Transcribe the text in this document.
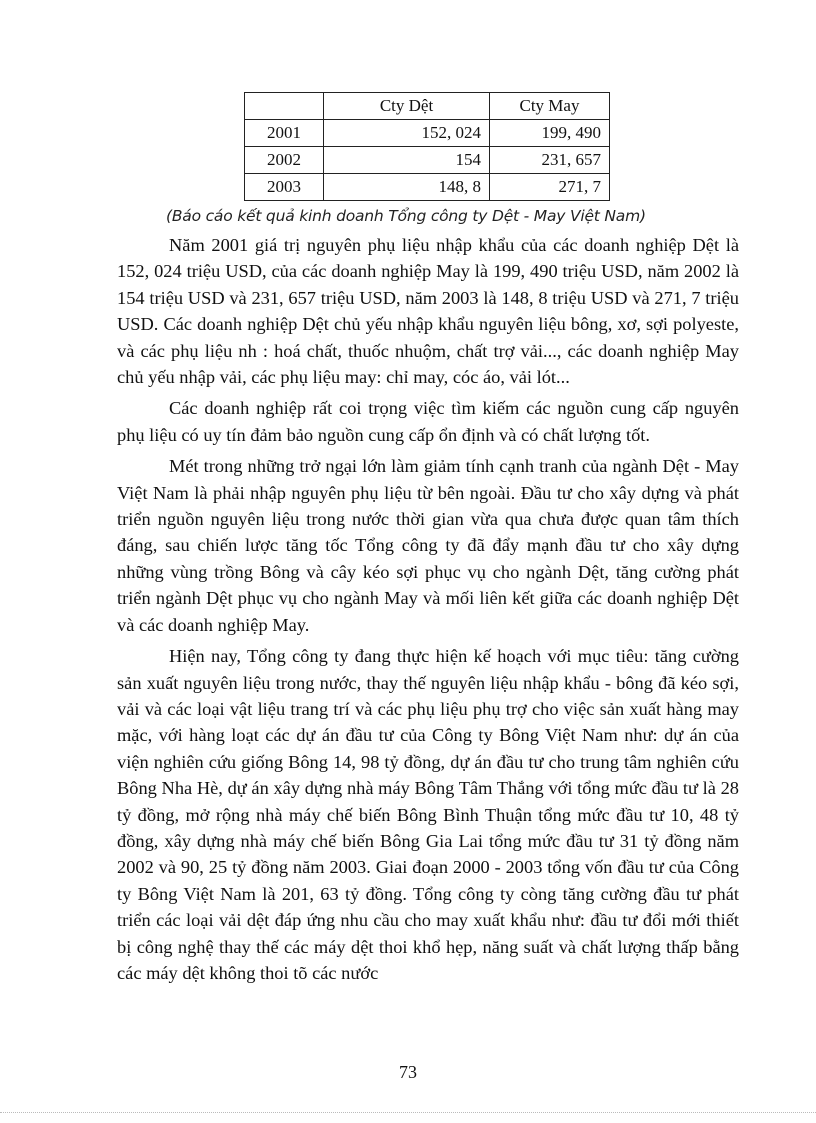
	Cty Dệt	Cty May
2001	152, 024	199, 490
2002	154	231, 657
2003	148, 8	271, 7
(Báo cáo kết quả kinh doanh Tổng công ty Dệt - May Việt Nam)

Năm 2001 giá trị nguyên phụ liệu nhập khẩu của các doanh nghiệp Dệt là 152, 024 triệu USD, của các doanh nghiệp May là 199, 490 triệu USD, năm 2002 là 154 triệu USD và 231, 657 triệu USD, năm 2003 là 148, 8 triệu USD và 271, 7 triệu USD. Các doanh nghiệp Dệt chủ yếu nhập khẩu nguyên liệu bông, xơ, sợi polyeste, và các phụ liệu nh : hoá chất, thuốc nhuộm, chất trợ vải..., các doanh nghiệp May chủ yếu nhập vải, các phụ liệu may: chỉ may, cóc áo, vải lót...

Các doanh nghiệp rất coi trọng việc tìm kiếm các nguồn cung cấp nguyên phụ liệu có uy tín đảm bảo nguồn cung cấp ổn định và có chất lượng tốt.

Mét trong những trở ngại lớn làm giảm tính cạnh tranh của ngành Dệt - May Việt Nam là phải nhập nguyên phụ liệu từ bên ngoài. Đầu tư cho xây dựng và phát triển nguồn nguyên liệu trong nước thời gian vừa qua chưa được quan tâm thích đáng, sau chiến lược tăng tốc Tổng công ty đã đẩy mạnh đầu tư cho xây dựng những vùng trồng Bông và cây kéo sợi phục vụ cho ngành Dệt, tăng cường phát triển ngành Dệt phục vụ cho ngành May và mối liên kết giữa các doanh nghiệp Dệt và các doanh nghiệp May.

Hiện nay, Tổng công ty đang thực hiện kế hoạch với mục tiêu: tăng cường sản xuất nguyên liệu trong nước, thay thế nguyên liệu nhập khẩu - bông đã kéo sợi, vải và các loại vật liệu trang trí và các phụ liệu phụ trợ cho việc sản xuất hàng may mặc, với hàng loạt các dự án đầu tư của Công ty Bông Việt Nam như: dự án của viện nghiên cứu giống Bông 14, 98 tỷ đồng, dự án đầu tư cho trung tâm nghiên cứu Bông Nha Hè, dự án xây dựng nhà máy Bông Tâm Thắng với tổng mức đầu tư là 28 tỷ đồng, mở rộng nhà máy chế biến Bông Bình Thuận tổng mức đầu tư 10, 48 tỷ đồng, xây dựng nhà máy chế biến Bông Gia Lai tổng mức đầu tư 31 tỷ đồng năm 2002 và 90, 25 tỷ đồng năm 2003. Giai đoạn 2000 - 2003 tổng vốn đầu tư của Công ty Bông Việt Nam là 201, 63 tỷ đồng. Tổng công ty còng tăng cường đầu tư phát triển các loại vải dệt đáp ứng nhu cầu cho may xuất khẩu như: đầu tư đổi mới thiết bị công nghệ thay thế các máy dệt thoi khổ hẹp, năng suất và chất lượng thấp bằng các máy dệt không thoi tõ các nước

73
